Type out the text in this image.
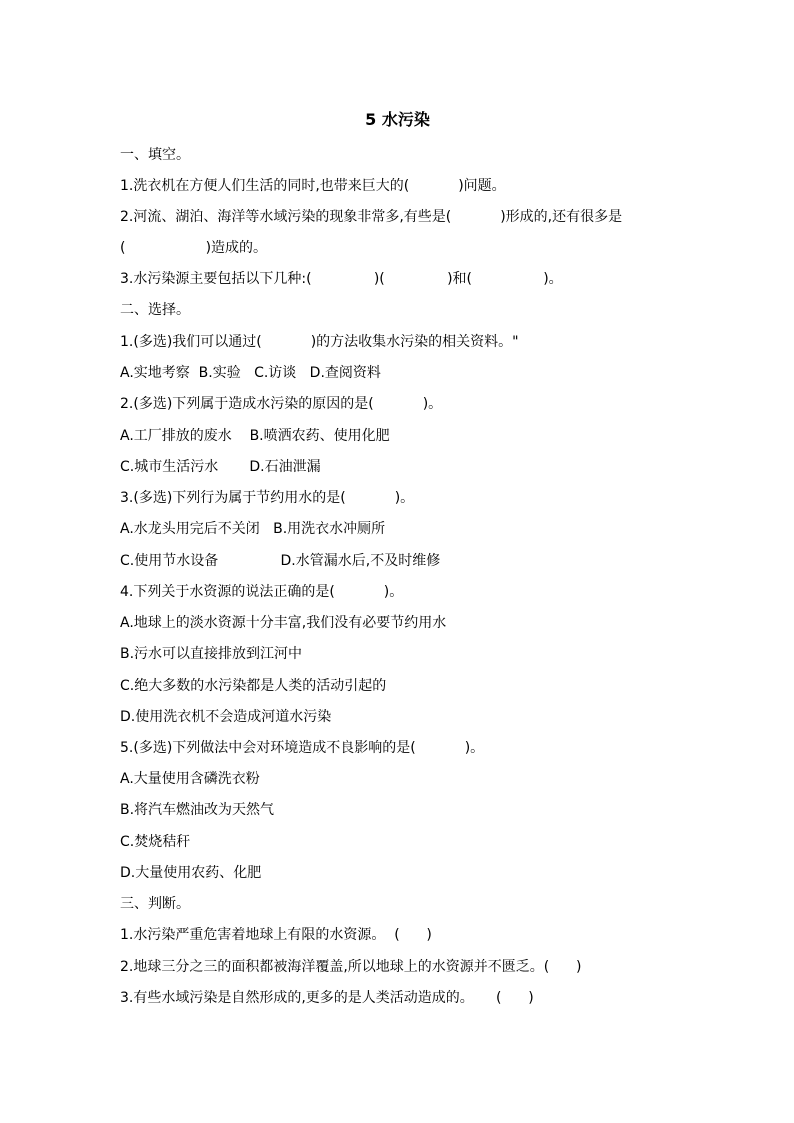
5 水污染
一、填空。
1.洗衣机在方便人们生活的同时,也带来巨大的(           )问题。
2.河流、湖泊、海洋等水域污染的现象非常多,有些是(           )形成的,还有很多是
(                  )造成的。
3.水污染源主要包括以下几种:(              )(              )和(                )。
二、选择。
1.(多选)我们可以通过(           )的方法收集水污染的相关资料。"
A.实地考察  B.实验   C.访谈   D.查阅资料
2.(多选)下列属于造成水污染的原因的是(           )。
A.工厂排放的废水    B.喷洒农药、使用化肥
C.城市生活污水       D.石油泄漏
3.(多选)下列行为属于节约用水的是(           )。
A.水龙头用完后不关闭   B.用洗衣水冲厕所
C.使用节水设备              D.水管漏水后,不及时维修
4.下列关于水资源的说法正确的是(           )。
A.地球上的淡水资源十分丰富,我们没有必要节约用水
B.污水可以直接排放到江河中
C.绝大多数的水污染都是人类的活动引起的
D.使用洗衣机不会造成河道水污染
5.(多选)下列做法中会对环境造成不良影响的是(           )。
A.大量使用含磷洗衣粉
B.将汽车燃油改为天然气
C.焚烧秸秆
D.大量使用农药、化肥
三、判断。
1.水污染严重危害着地球上有限的水资源。  (      )
2.地球三分之三的面积都被海洋覆盖,所以地球上的水资源并不匮乏。(      )
3.有些水域污染是自然形成的,更多的是人类活动造成的。     (      )
